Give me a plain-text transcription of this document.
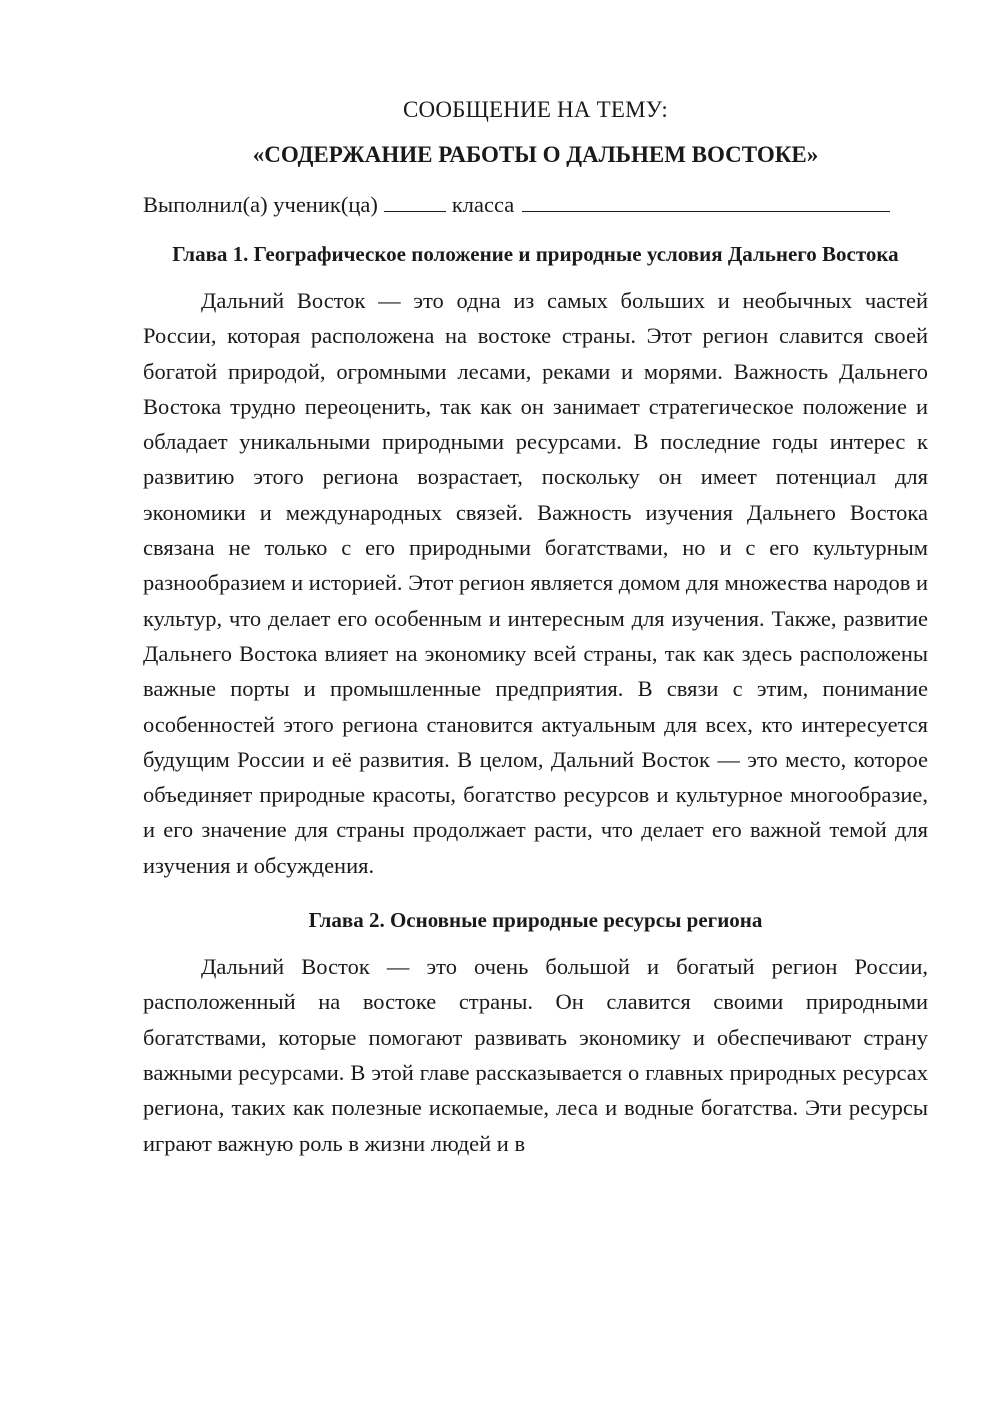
СООБЩЕНИЕ НА ТЕМУ:

«СОДЕРЖАНИЕ РАБОТЫ О ДАЛЬНЕМ ВОСТОКЕ»

Выполнил(а) ученик(ца)	класса
Глава 1. Географическое положение и природные условия Дальнего Востока

Дальний Восток — это одна из самых больших и необычных частей России, которая расположена на востоке страны. Этот регион славится своей богатой природой, огромными лесами, реками и морями. Важность Дальнего Востока трудно переоценить, так как он занимает стратегическое положение и обладает уникальными природными ресурсами. В последние годы интерес к развитию этого региона возрастает, поскольку он имеет потенциал для экономики и международных связей. Важность изучения Дальнего Востока связана не только с его природными богатствами, но и с его культурным разнообразием и историей. Этот регион является домом для множества народов и культур, что делает его особенным и интересным для изучения. Также, развитие Дальнего Востока влияет на экономику всей страны, так как здесь расположены важные порты и промышленные предприятия. В связи с этим, понимание особенностей этого региона становится актуальным для всех, кто интересуется будущим России и её развития. В целом, Дальний Восток — это место, которое объединяет природные красоты, богатство ресурсов и культурное многообразие, и его значение для страны продолжает расти, что делает его важной темой для изучения и обсуждения.

Глава 2. Основные природные ресурсы региона

Дальний Восток — это очень большой и богатый регион России, расположенный на востоке страны. Он славится своими природными богатствами, которые помогают развивать экономику и обеспечивают страну важными ресурсами. В этой главе рассказывается о главных природных ресурсах региона, таких как полезные ископаемые, леса и водные богатства. Эти ресурсы играют важную роль в жизни людей и в
